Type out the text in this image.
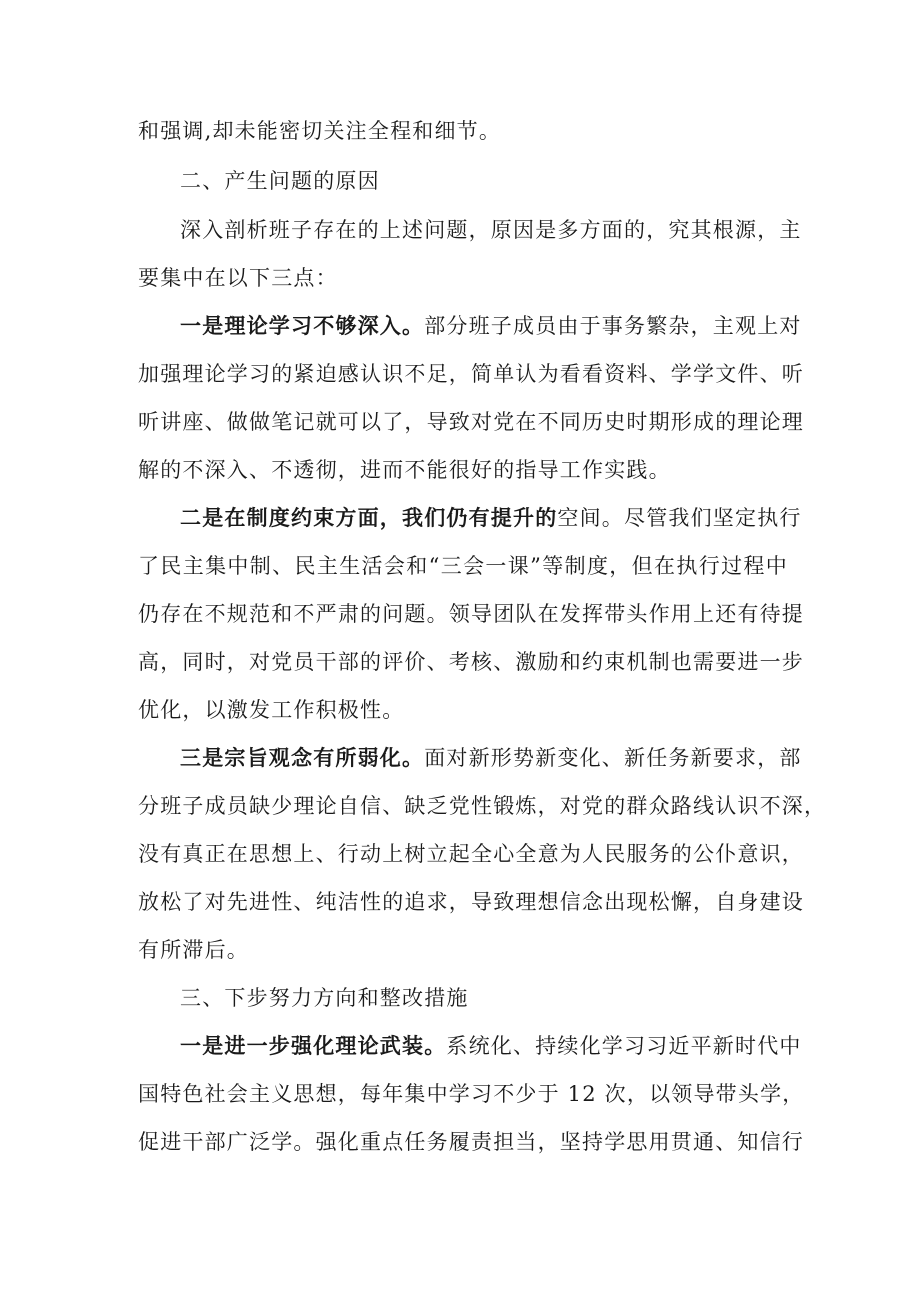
和强调,却未能密切关注全程和细节。
二、产生问题的原因
深入剖析班子存在的上述问题，原因是多方面的，究其根源，主
要集中在以下三点：
一是理论学习不够深入。部分班子成员由于事务繁杂，主观上对
加强理论学习的紧迫感认识不足，简单认为看看资料、学学文件、听
听讲座、做做笔记就可以了，导致对党在不同历史时期形成的理论理
解的不深入、不透彻，进而不能很好的指导工作实践。
二是在制度约束方面，我们仍有提升的空间。尽管我们坚定执行
了民主集中制、民主生活会和“三会一课”等制度，但在执行过程中
仍存在不规范和不严肃的问题。领导团队在发挥带头作用上还有待提
高，同时，对党员干部的评价、考核、激励和约束机制也需要进一步
优化，以激发工作积极性。
三是宗旨观念有所弱化。面对新形势新变化、新任务新要求，部
分班子成员缺少理论自信、缺乏党性锻炼，对党的群众路线认识不深，
没有真正在思想上、行动上树立起全心全意为人民服务的公仆意识，
放松了对先进性、纯洁性的追求，导致理想信念出现松懈，自身建设
有所滞后。
三、下步努力方向和整改措施
一是进一步强化理论武装。系统化、持续化学习习近平新时代中
国特色社会主义思想，每年集中学习不少于 12 次，以领导带头学，
促进干部广泛学。强化重点任务履责担当，坚持学思用贯通、知信行
